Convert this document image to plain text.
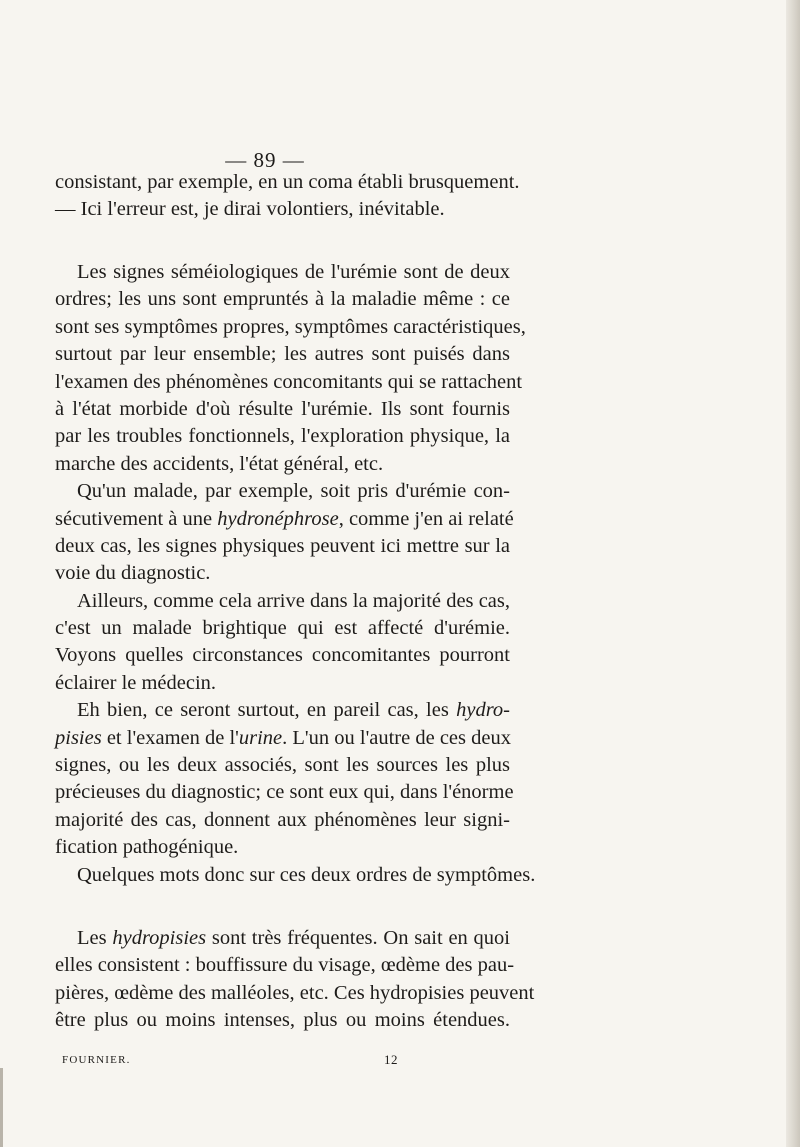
— 89 —
consistant, par exemple, en un coma établi brusquement.
— Ici l'erreur est, je dirai volontiers, inévitable.
Les signes séméiologiques de l'urémie sont de deux
ordres; les uns sont empruntés à la maladie même : ce
sont ses symptômes propres, symptômes caractéristiques,
surtout par leur ensemble; les autres sont puisés dans
l'examen des phénomènes concomitants qui se rattachent
à l'état morbide d'où résulte l'urémie. Ils sont fournis
par les troubles fonctionnels, l'exploration physique, la
marche des accidents, l'état général, etc.
Qu'un malade, par exemple, soit pris d'urémie con-
sécutivement à une hydronéphrose, comme j'en ai relaté
deux cas, les signes physiques peuvent ici mettre sur la
voie du diagnostic.
Ailleurs, comme cela arrive dans la majorité des cas,
c'est un malade brightique qui est affecté d'urémie.
Voyons quelles circonstances concomitantes pourront
éclairer le médecin.
Eh bien, ce seront surtout, en pareil cas, les hydro-
pisies et l'examen de l'urine. L'un ou l'autre de ces deux
signes, ou les deux associés, sont les sources les plus
précieuses du diagnostic; ce sont eux qui, dans l'énorme
majorité des cas, donnent aux phénomènes leur signi-
fication pathogénique.
Quelques mots donc sur ces deux ordres de symptômes.
Les hydropisies sont très fréquentes. On sait en quoi
elles consistent : bouffissure du visage, œdème des pau-
pières, œdème des malléoles, etc. Ces hydropisies peuvent
être plus ou moins intenses, plus ou moins étendues.
FOURNIER.	12
